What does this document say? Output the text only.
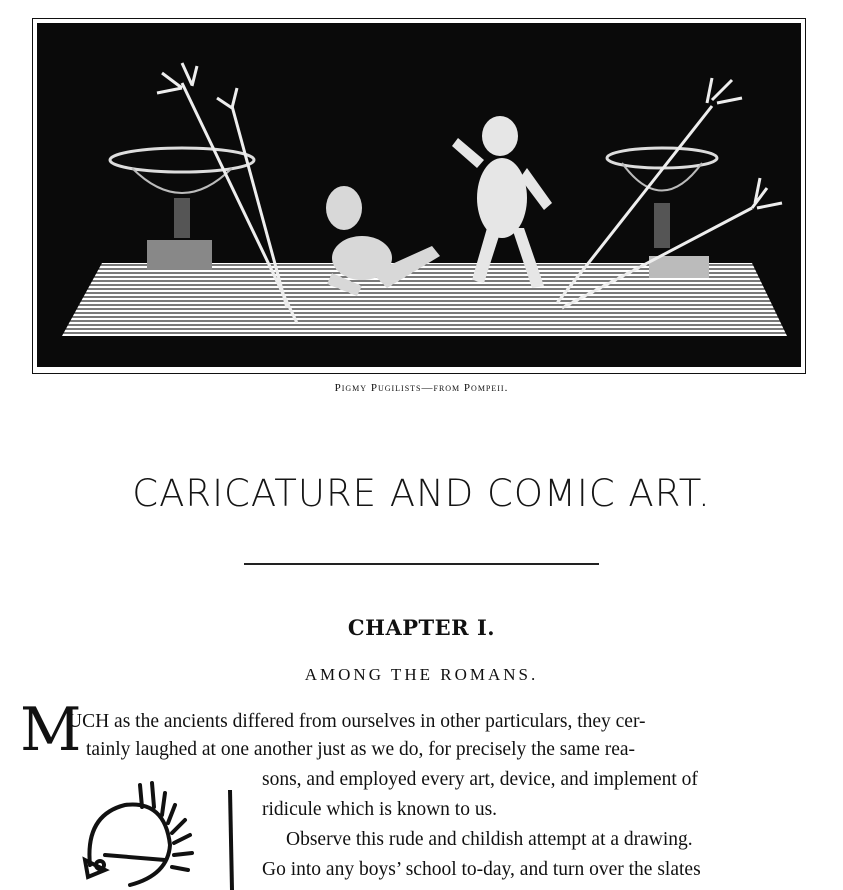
Pigmy Pugilists—from Pompeii.
CARICATURE AND COMIC ART.
CHAPTER I.
AMONG THE ROMANS.
M
UCH as the ancients differed from ourselves in other particulars, they cer-
tainly laughed at one another just as we do, for precisely the same rea-
sons, and employed every art, device, and implement of
ridicule which is known to us.
Observe this rude and childish attempt at a drawing.
Go into any boys’ school to-day, and turn over the slates
